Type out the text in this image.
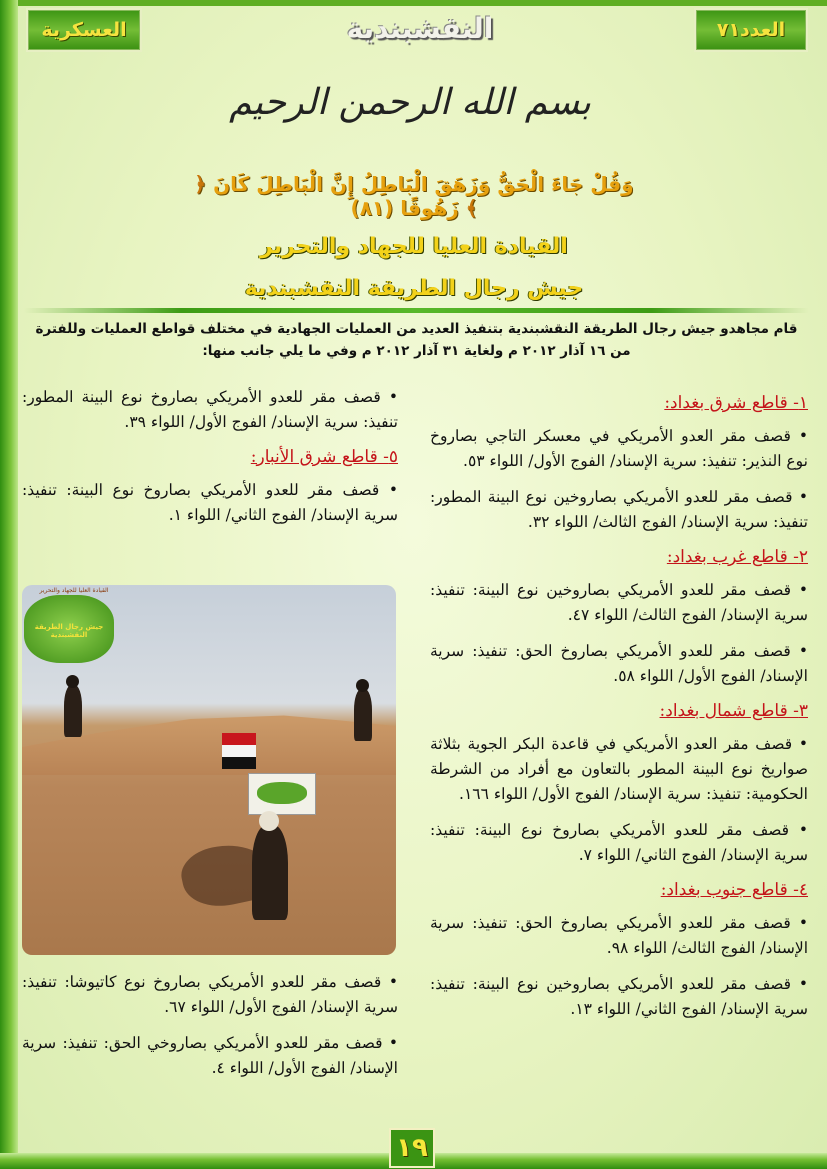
العسكرية	العدد٧١
النقشبندية
بسم الله الرحمن الرحيم
﴿ وَقُلْ جَاءَ الْحَقُّ وَزَهَقَ الْبَاطِلُ إِنَّ الْبَاطِلَ كَانَ زَهُوقًا (٨١) ﴾
القيادة العليا للجهاد والتحرير
جيش رجال الطريقة النقشبندية
قام مجاهدو جيش رجال الطريقة النقشبندية بتنفيذ العديد من العمليات الجهادية في مختلف قواطع العمليات وللفترة من ١٦ آذار ٢٠١٢ م ولغاية ٣١ آذار ٢٠١٢ م وفي ما يلي جانب منها:
١- قاطع شرق بغداد:

• قصف مقر العدو الأمريكي في معسكر التاجي بصاروخ نوع النذير: تنفيذ: سرية الإسناد/ الفوج الأول/ اللواء ٥٣.

• قصف مقر للعدو الأمريكي بصاروخين نوع البينة المطور: تنفيذ: سرية الإسناد/ الفوج الثالث/ اللواء ٣٢.

٢- قاطع غرب بغداد:

• قصف مقر للعدو الأمريكي بصاروخين نوع البينة: تنفيذ: سرية الإسناد/ الفوج الثالث/ اللواء ٤٧.

• قصف مقر للعدو الأمريكي بصاروخ الحق: تنفيذ: سرية الإسناد/ الفوج الأول/ اللواء ٥٨.

٣- قاطع شمال بغداد:

• قصف مقر العدو الأمريكي في قاعدة البكر الجوية بثلاثة صواريخ نوع البينة المطور بالتعاون مع أفراد من الشرطة الحكومية: تنفيذ: سرية الإسناد/ الفوج الأول/ اللواء ١٦٦.

• قصف مقر للعدو الأمريكي بصاروخ نوع البينة: تنفيذ: سرية الإسناد/ الفوج الثاني/ اللواء ٧.

٤- قاطع جنوب بغداد:

• قصف مقر للعدو الأمريكي بصاروخ الحق: تنفيذ: سرية الإسناد/ الفوج الثالث/ اللواء ٩٨.

• قصف مقر للعدو الأمريكي بصاروخين نوع البينة: تنفيذ: سرية الإسناد/ الفوج الثاني/ اللواء ١٣.

• قصف مقر للعدو الأمريكي بصاروخ نوع البينة المطور: تنفيذ: سرية الإسناد/ الفوج الأول/ اللواء ٣٩.

٥- قاطع شرق الأنبار:

• قصف مقر للعدو الأمريكي بصاروخ نوع البينة: تنفيذ: سرية الإسناد/ الفوج الثاني/ اللواء ١.

القيادة العليا للجهاد والتحرير
جيش رجال الطريقة النقشبندية

• قصف مقر للعدو الأمريكي بصاروخ نوع كاتيوشا: تنفيذ: سرية الإسناد/ الفوج الأول/ اللواء ٦٧.

• قصف مقر للعدو الأمريكي بصاروخي الحق: تنفيذ: سرية الإسناد/ الفوج الأول/ اللواء ٤.

١٩
